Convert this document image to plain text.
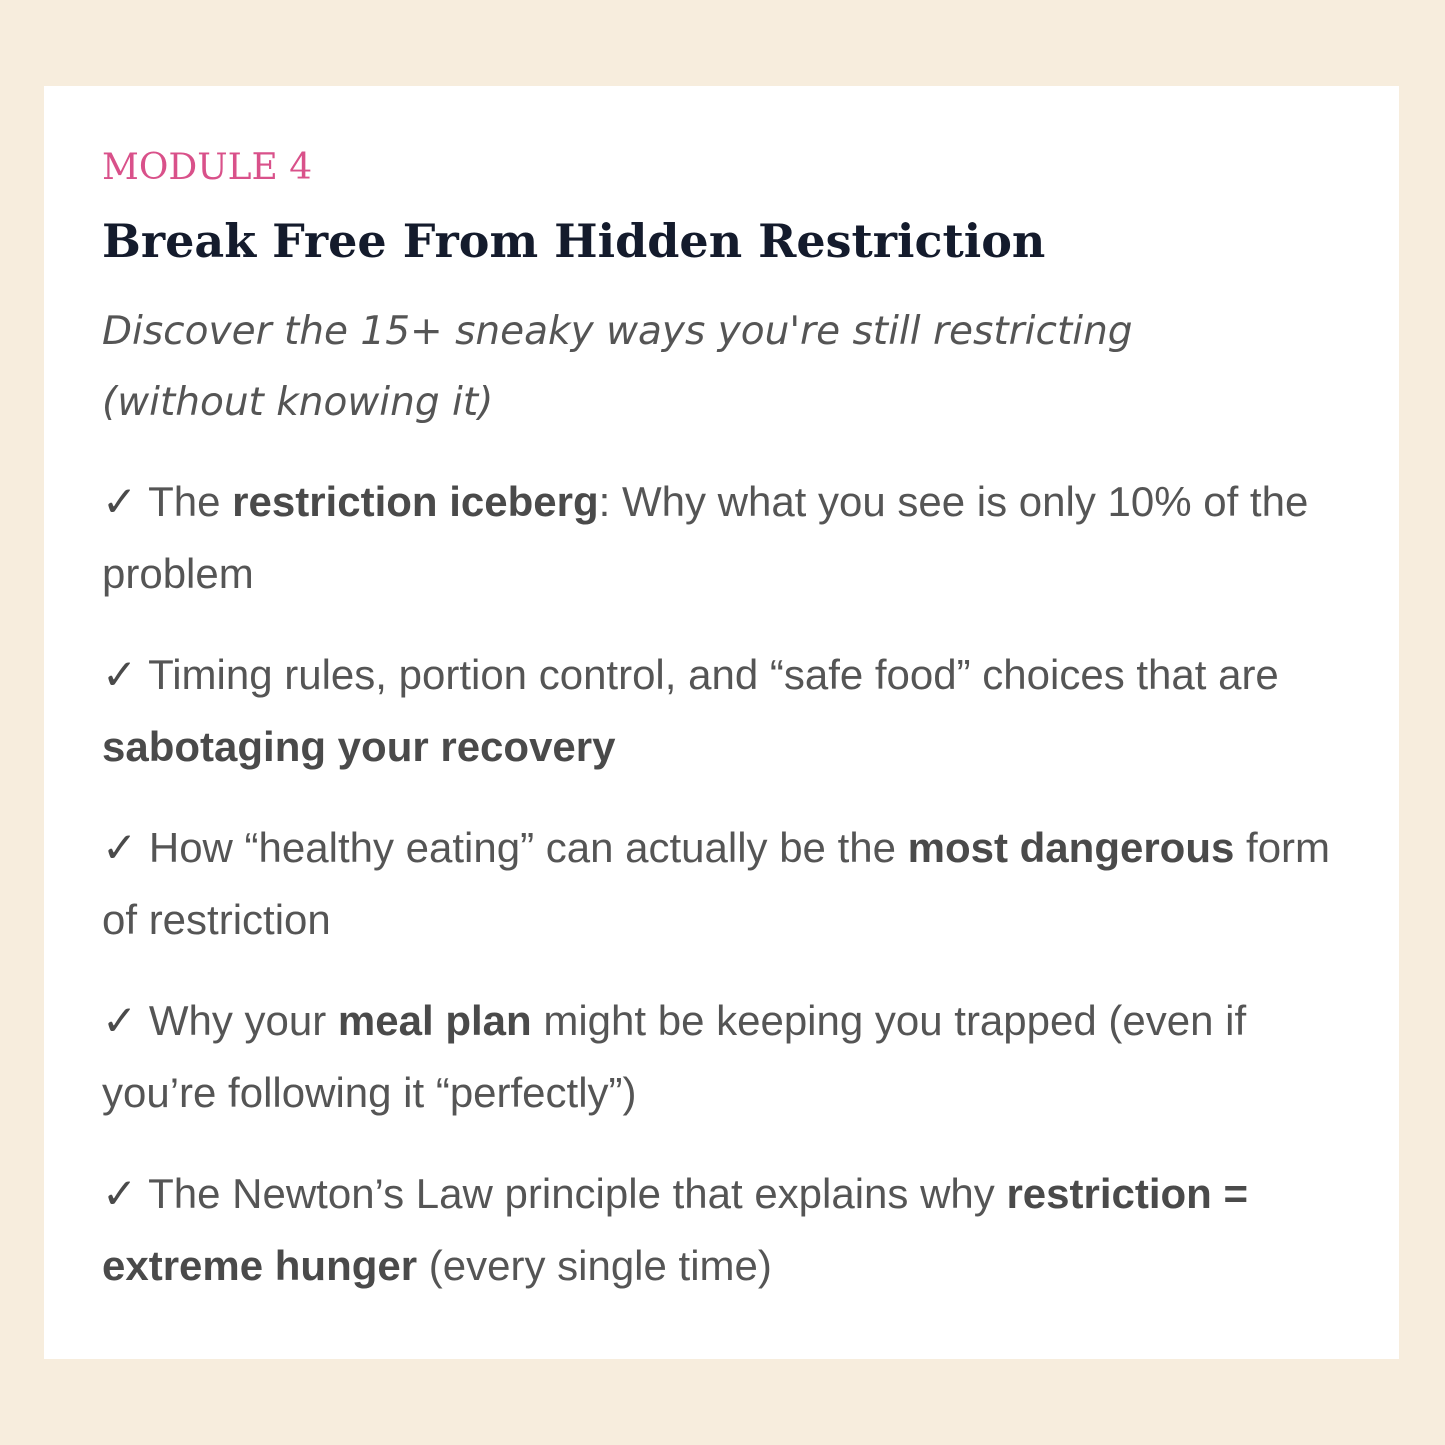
MODULE 4
Break Free From Hidden Restriction

Discover the 15+ sneaky ways you're still restricting (without knowing it)

✓ The restriction iceberg: Why what you see is only 10% of the problem
✓ Timing rules, portion control, and “safe food” choices that are sabotaging your recovery
✓ How “healthy eating” can actually be the most dangerous form of restriction
✓ Why your meal plan might be keeping you trapped (even if you’re following it “perfectly”)
✓ The Newton’s Law principle that explains why restriction = extreme hunger (every single time)
